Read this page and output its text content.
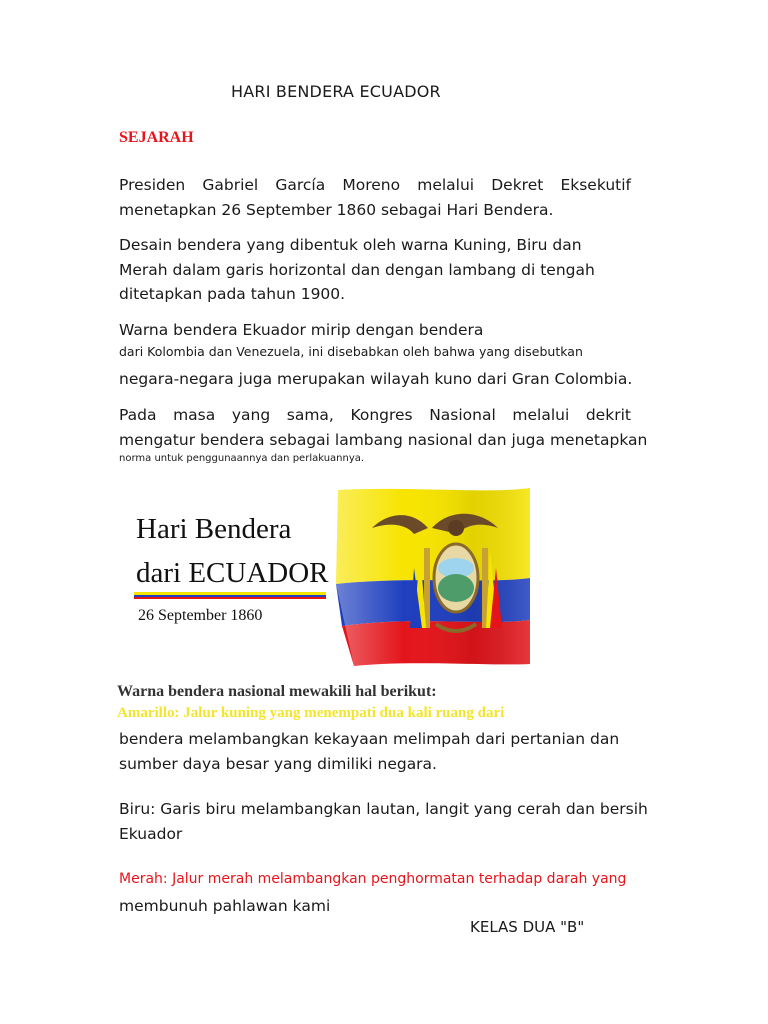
HARI BENDERA ECUADOR
SEJARAH
Presiden Gabriel García Moreno melalui Dekret Eksekutif
menetapkan 26 September 1860 sebagai Hari Bendera.
Desain bendera yang dibentuk oleh warna Kuning, Biru dan
Merah dalam garis horizontal dan dengan lambang di tengah
ditetapkan pada tahun 1900.
Warna bendera Ekuador mirip dengan bendera
dari Kolombia dan Venezuela, ini disebabkan oleh bahwa yang disebutkan
negara-negara juga merupakan wilayah kuno dari Gran Colombia.
Pada masa yang sama, Kongres Nasional melalui dekrit
mengatur bendera sebagai lambang nasional dan juga menetapkan
norma untuk penggunaannya dan perlakuannya.
Hari Bendera
dari ECUADOR
26 September 1860
Warna bendera nasional mewakili hal berikut:
Amarillo: Jalur kuning yang menempati dua kali ruang dari
bendera melambangkan kekayaan melimpah dari pertanian dan
sumber daya besar yang dimiliki negara.
Biru: Garis biru melambangkan lautan, langit yang cerah dan bersih
Ekuador
Merah: Jalur merah melambangkan penghormatan terhadap darah yang
membunuh pahlawan kami
KELAS DUA "B"
